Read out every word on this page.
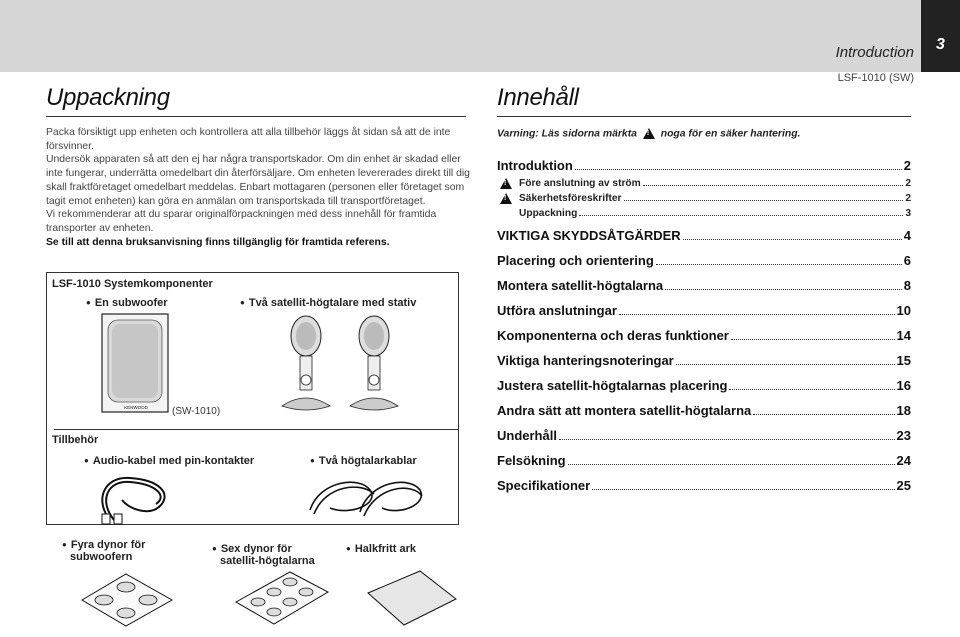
Introduction	3
LSF-1010 (SW)
Uppackning	Innehåll

Packa försiktigt upp enheten och kontrollera att alla tillbehör läggs åt sidan så att de inte försvinner.

Undersök apparaten så att den ej har några transportskador. Om din enhet är skadad eller inte fungerar, underrätta omedelbart din återförsäljare. Om enheten levererades direkt till dig skall fraktföretaget omedelbart meddelas. Enbart mottagaren (personen eller företaget som tagit emot enheten) kan göra en anmälan om transportskada till transportföretaget.

Vi rekommenderar att du sparar originalförpackningen med dess innehåll för framtida transporter av enheten.

Se till att denna bruksanvisning finns tillgänglig för framtida referens.

LSF-1010 Systemkomponenter
● En subwoofer	● Två satellit-högtalare med stativ
KENWOOD (SW-1010)
Tillbehör
● Audio-kabel med pin-kontakter	● Två högtalarkablar
● Fyra dynor för
subwoofern
● Sex dynor för
satellit-högtalarna
● Halkfritt ark
Varning: Läs sidorna märkta ! noga för en säker hantering.
Introduktion	2
!
Före anslutning av ström	2
!
Säkerhetsföreskrifter	2
Uppackning	3
VIKTIGA SKYDDSÅTGÄRDER	4
Placering och orientering	6
Montera satellit-högtalarna	8
Utföra anslutningar	10
Komponenterna och deras funktioner	14
Viktiga hanteringsnoteringar	15
Justera satellit-högtalarnas placering	16
Andra sätt att montera satellit-högtalarna	18
Underhåll	23
Felsökning	24
Specifikationer	25
